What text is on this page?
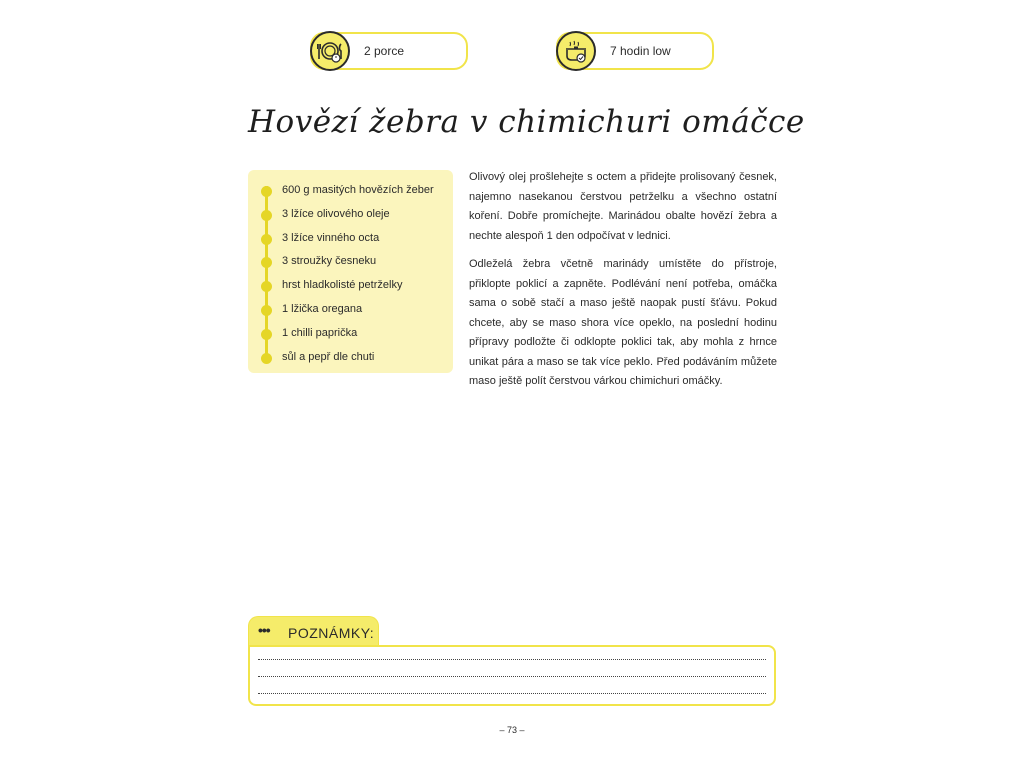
2 porce	7 hodin low
Hovězí žebra v chimichuri omáčce
600 g masitých hovězích žeber
3 lžíce olivového oleje
3 lžíce vinného octa
3 stroužky česneku
hrst hladkolisté petrželky
1 lžička oregana
1 chilli paprička
sůl a pepř dle chuti

Olivový olej prošlehejte s octem a přidejte prolisovaný česnek, najemno nasekanou čerstvou petrželku a všechno ostatní koření. Dobře promíchejte. Marinádou obalte hovězí žebra a nechte alespoň 1 den odpočívat v lednici.

Odleželá žebra včetně marinády umístěte do přístroje, přiklopte poklicí a zapněte. Podlévání není potřeba, omáčka sama o sobě stačí a maso ještě naopak pustí šťávu. Pokud chcete, aby se maso shora více opeklo, na poslední hodinu přípravy podložte či odklopte poklici tak, aby mohla z hrnce unikat pára a maso se tak více peklo. Před podáváním můžete maso ještě polít čerstvou várkou chimichuri omáčky.

••• POZNÁMKY:
– 73 –
